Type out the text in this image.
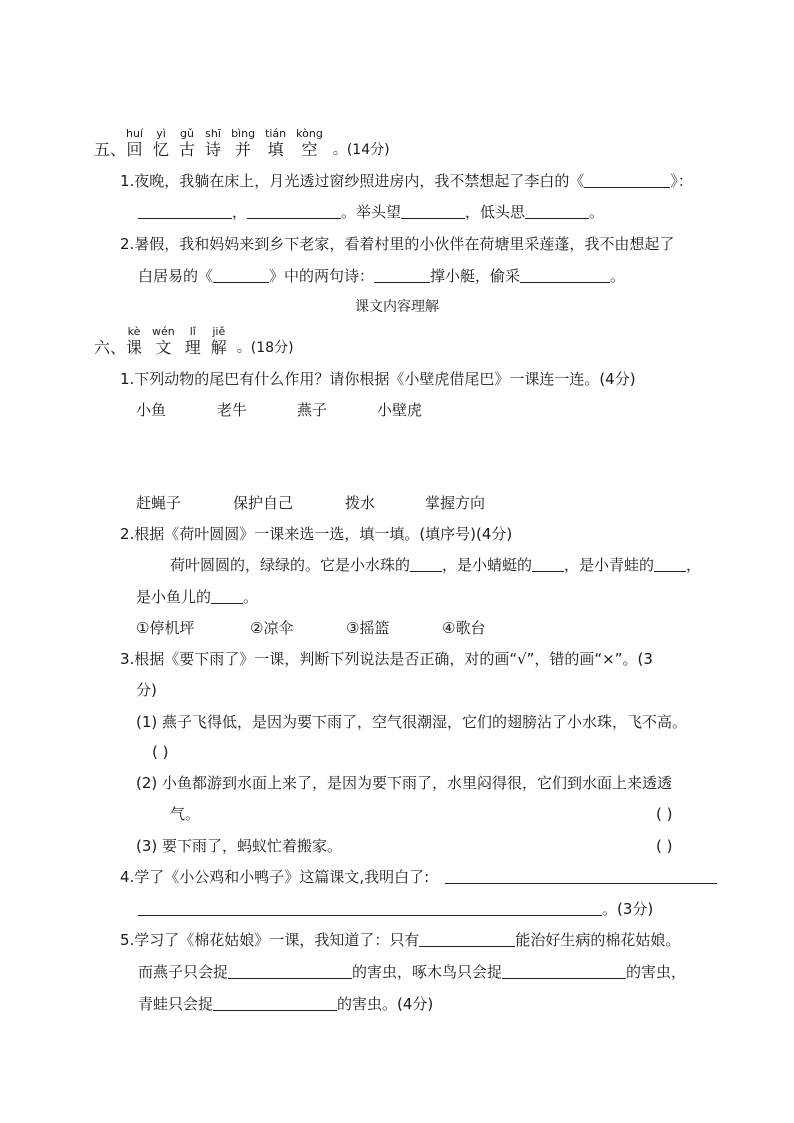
五、
huí
回
yì
忆
gǔ
古
shī
诗
bìng
并
tián
填
kòng
空 。(14分)
1.夜晚，我躺在床上，月光透过窗纱照进房内，我不禁想起了李白的《	》：
，	。举头望	，低头思	。
2.暑假，我和妈妈来到乡下老家，看着村里的小伙伴在荷塘里采莲蓬，我不由想起了
白居易的《	》中的两句诗：	撑小艇，偷采	。
课文内容理解
六、
kè
课
wén
文
lǐ
理
jiě
解 。(18分)
1.下列动物的尾巴有什么作用？请你根据《小壁虎借尾巴》一课连一连。(4分)
小鱼	老牛	燕子	小壁虎
赶蝇子	保护自己	拨水	掌握方向
2.根据《荷叶圆圆》一课来选一选，填一填。(填序号)(4分)
荷叶圆圆的，绿绿的。它是小水珠的 ，是小蜻蜓的 ，是小青蛙的 ，
是小鱼儿的 。
①停机坪	②凉伞	③摇篮	④歌台
3.根据《要下雨了》一课，判断下列说法是否正确，对的画“√”，错的画“×”。(3
分)
(1) 燕子飞得低，是因为要下雨了，空气很潮湿，它们的翅膀沾了小水珠，飞不高。
( )
(2) 小鱼都游到水面上来了，是因为要下雨了，水里闷得很，它们到水面上来透透
气。	( )
(3) 要下雨了，蚂蚁忙着搬家。	( )
4.学了《小公鸡和小鸭子》这篇课文,我明白了:
。(3分)
5.学习了《棉花姑娘》一课，我知道了：只有	能治好生病的棉花姑娘。
而燕子只会捉	的害虫，啄木鸟只会捉	的害虫，
青蛙只会捉	的害虫。(4分)
